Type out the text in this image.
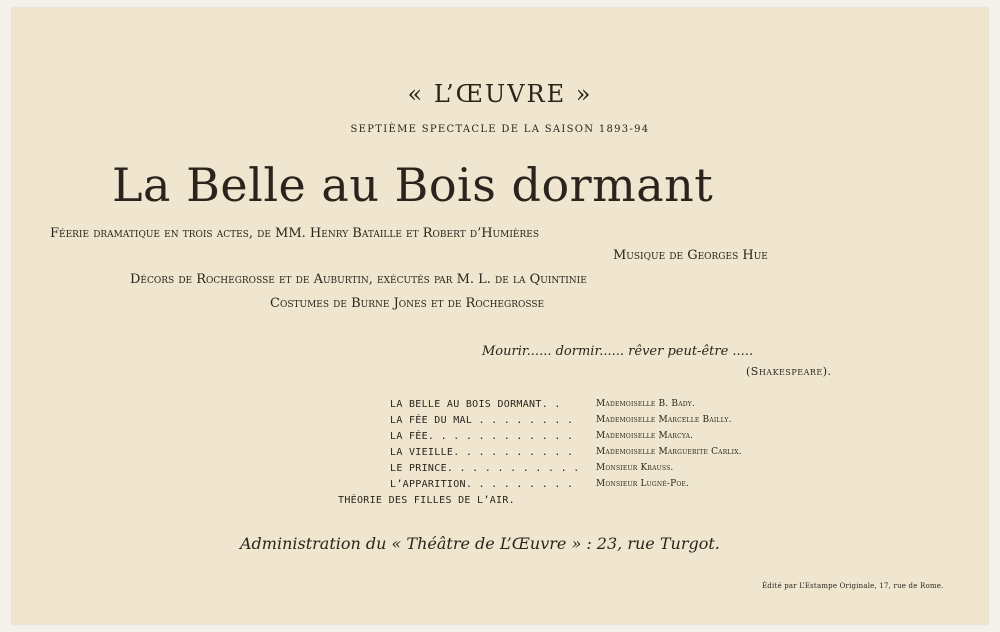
« L’ŒUVRE »
SEPTIÈME SPECTACLE DE LA SAISON 1893-94
La Belle au Bois dormant
Féerie dramatique en trois actes, de MM. Henry Bataille et Robert d’Humières
Musique de Georges Hue
Décors de Rochegrosse et de Auburtin, exécutés par M. L. de la Quintinie
Costumes de Burne Jones et de Rochegrosse
Mourir...... dormir...... rêver peut-être .....
(Shakespeare).
LA BELLE AU BOIS DORMANT. .	Mademoiselle B. Bady.
LA FÉE DU MAL . . . . . . . .	Mademoiselle Marcelle Bailly.
LA FÉE. . . . . . . . . . . .	Mademoiselle Marcya.
LA VIEILLE. . . . . . . . . .	Mademoiselle Marguerite Carlix.
LE PRINCE. . . . . . . . . . . Monsieur Krauss.
L’APPARITION. . . . . . . . .	Monsieur Lugné-Poe.
THÉORIE DES FILLES DE L’AIR.
Administration du « Théâtre de L’Œuvre » : 23, rue Turgot.
Édité par L’Estampe Originale, 17, rue de Rome.
